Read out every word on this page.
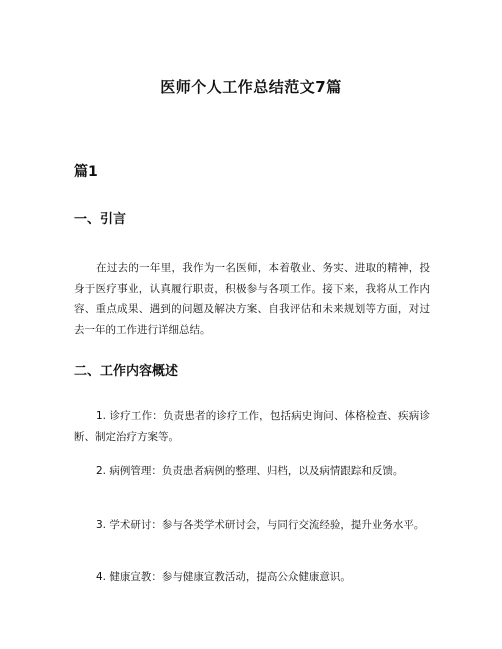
医师个人工作总结范文7篇
篇1
一、引言

在过去的一年里，我作为一名医师，本着敬业、务实、进取的精神，投身于医疗事业，认真履行职责，积极参与各项工作。接下来，我将从工作内容、重点成果、遇到的问题及解决方案、自我评估和未来规划等方面，对过去一年的工作进行详细总结。

二、工作内容概述

1. 诊疗工作：负责患者的诊疗工作，包括病史询问、体格检查、疾病诊断、制定治疗方案等。

2. 病例管理：负责患者病例的整理、归档，以及病情跟踪和反馈。

3. 学术研讨：参与各类学术研讨会，与同行交流经验，提升业务水平。

4. 健康宣教：参与健康宣教活动，提高公众健康意识。
